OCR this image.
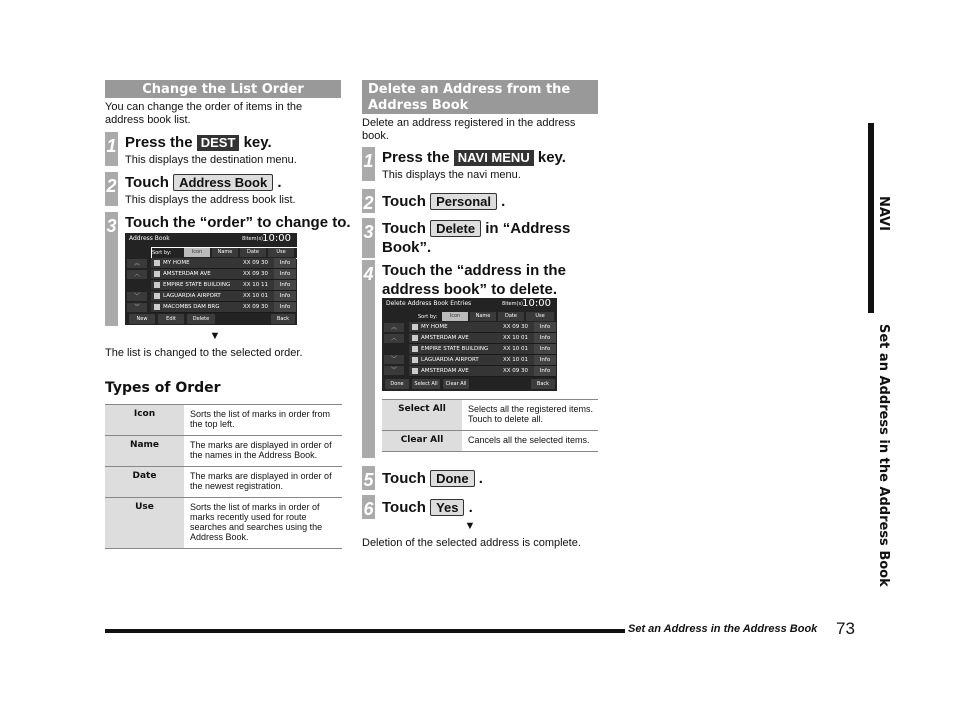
Change the List Order
You can change the order of items in the address book list.
1 Press the DEST key.
This displays the destination menu.
2 Touch Address Book .
This displays the address book list.
3 Touch the “order” to change to.
Address Book	8item(s) 10:00
Sort by:	Icon	Name	Date	Use
︽
︿
﹀
︾
MY HOME	XX 09 30	Info
AMSTERDAM AVE	XX 09 30	Info
EMPIRE STATE BUILDING XX 10 11	Info
LAGUARDIA AIRPORT	XX 10 01	Info
MACOMBS DAM BRG	XX 09 30	Info
New	Edit	Delete	Back
▼
The list is changed to the selected order.
Types of Order
Icon	Sorts the list of marks in order from the top left.
Name	The marks are displayed in order of the names in the Address Book.
Date	The marks are displayed in order of the newest registration.
Use	Sorts the list of marks in order of marks recently used for route searches and searches using the Address Book.
Delete an Address from the Address Book
Delete an address registered in the address book.
1 Press the NAVI MENU key.
This displays the navi menu.
2 Touch Personal .
3 Touch Delete in “Address
Book”.
4 Touch the “address in the
address book” to delete.
Delete Address Book Entries	8item(s) 10:00
Sort by:	Icon	Name	Date	Use
︽
︿
﹀
︾
MY HOME	XX 09 30	Info
AMSTERDAM AVE	XX 10 01	Info
EMPIRE STATE BUILDING	XX 10 01	Info
LAGUARDIA AIRPORT	XX 10 01	Info
AMSTERDAM AVE	XX 09 30	Info
Done	Select All	Clear All	Back
Select All	Selects all the registered items. Touch to delete all.
Clear All	Cancels all the selected items.
5 Touch Done .
6 Touch Yes .
▼
Deletion of the selected address is complete.
NAVI
Set an Address in the Address Book
Set an Address in the Address Book 73
